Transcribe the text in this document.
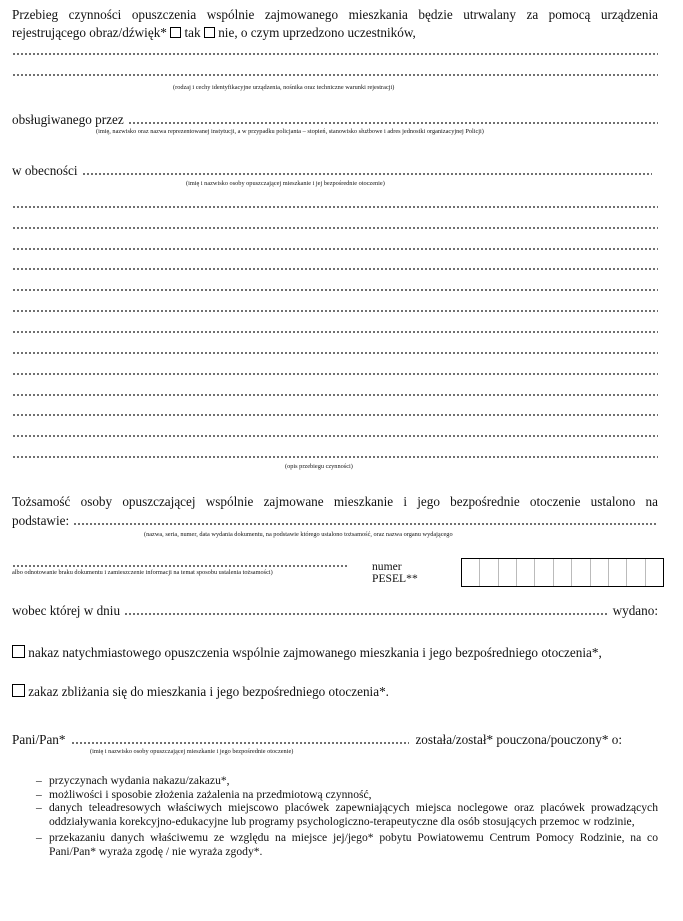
Przebieg czynności opuszczenia wspólnie zajmowanego mieszkania będzie utrwalany za pomocą urządzenia
rejestrującego obraz/dźwięk* tak nie, o czym uprzedzono uczestników,
(rodzaj i cechy identyfikacyjne urządzenia, nośnika oraz techniczne warunki rejestracji)
obsługiwanego przez
(imię, nazwisko oraz nazwa reprezentowanej instytucji, a w przypadku policjanta – stopień, stanowisko służbowe i adres jednostki organizacyjnej Policji)
w obecności
(imię i nazwisko osoby opuszczającej mieszkanie i jej bezpośrednie otoczenie)
(opis przebiegu czynności)
Tożsamość osoby opuszczającej wspólnie zajmowane mieszkanie i jego bezpośrednie otoczenie ustalono na
podstawie:
(nazwa, seria, numer, data wydania dokumentu, na podstawie którego ustalono tożsamość, oraz nazwa organu wydającego
albo odnotowanie braku dokumentu i zamieszczenie informacji na temat sposobu ustalenia tożsamości)	numer
PESEL**
wobec której w dniu	wydano:
nakaz natychmiastowego opuszczenia wspólnie zajmowanego mieszkania i jego bezpośredniego otoczenia*,
zakaz zbliżania się do mieszkania i jego bezpośredniego otoczenia*.
Pani/Pan*	została/został* pouczona/pouczony* o:
(imię i nazwisko osoby opuszczającej mieszkanie i jego bezpośrednie otoczenie)
– przyczynach wydania nakazu/zakazu*,
– możliwości i sposobie złożenia zażalenia na przedmiotową czynność,
– danych teleadresowych właściwych miejscowo placówek zapewniających miejsca noclegowe oraz placówek prowadzących oddziaływania korekcyjno-edukacyjne lub programy psychologiczno-terapeutyczne dla osób stosujących przemoc w rodzinie,
– przekazaniu danych właściwemu ze względu na miejsce jej/jego* pobytu Powiatowemu Centrum Pomocy Rodzinie, na co Pani/Pan* wyraża zgodę / nie wyraża zgody*.
